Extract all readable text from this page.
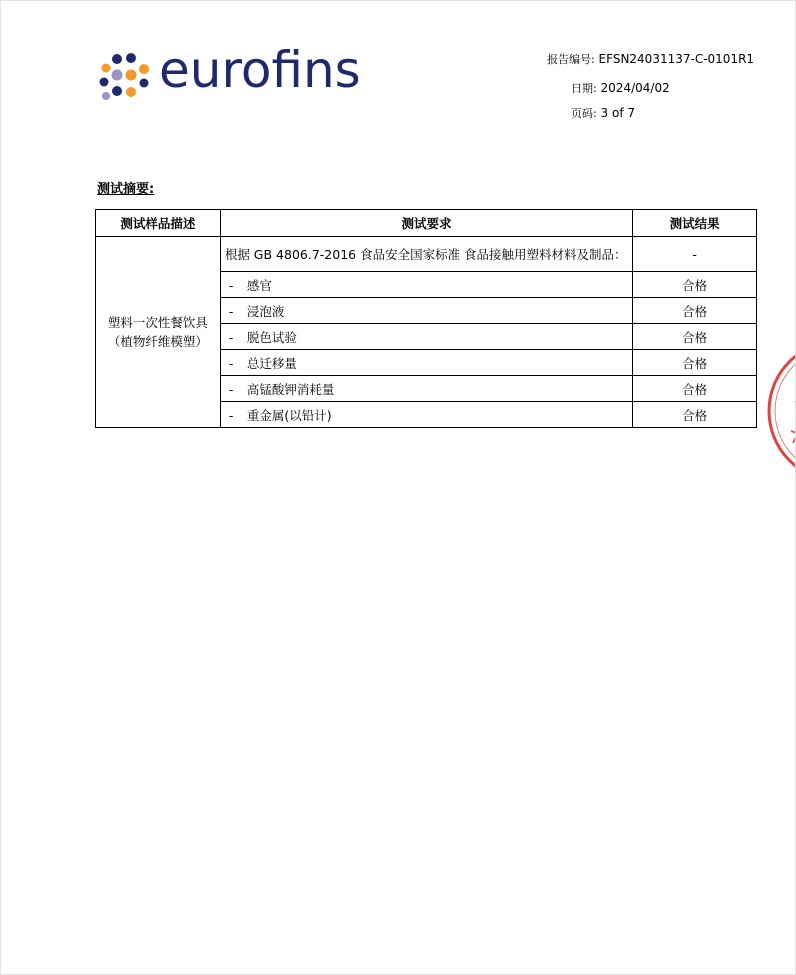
eurofins	报告编号: EFSN24031137-C-0101R1
日期: 2024/04/02
页码: 3 of 7
测试摘要:
测试样品描述	测试要求	测试结果

塑料一次性餐饮具
（植物纤维模塑）	根据 GB 4806.7-2016 食品安全国家标准 食品接触用塑料材料及制品：	-
	- 感官	合格
	- 浸泡液	合格
	- 脱色试验	合格
	- 总迁移量	合格
	- 高锰酸钾消耗量	合格
	- 重金属(以铅计)	合格
